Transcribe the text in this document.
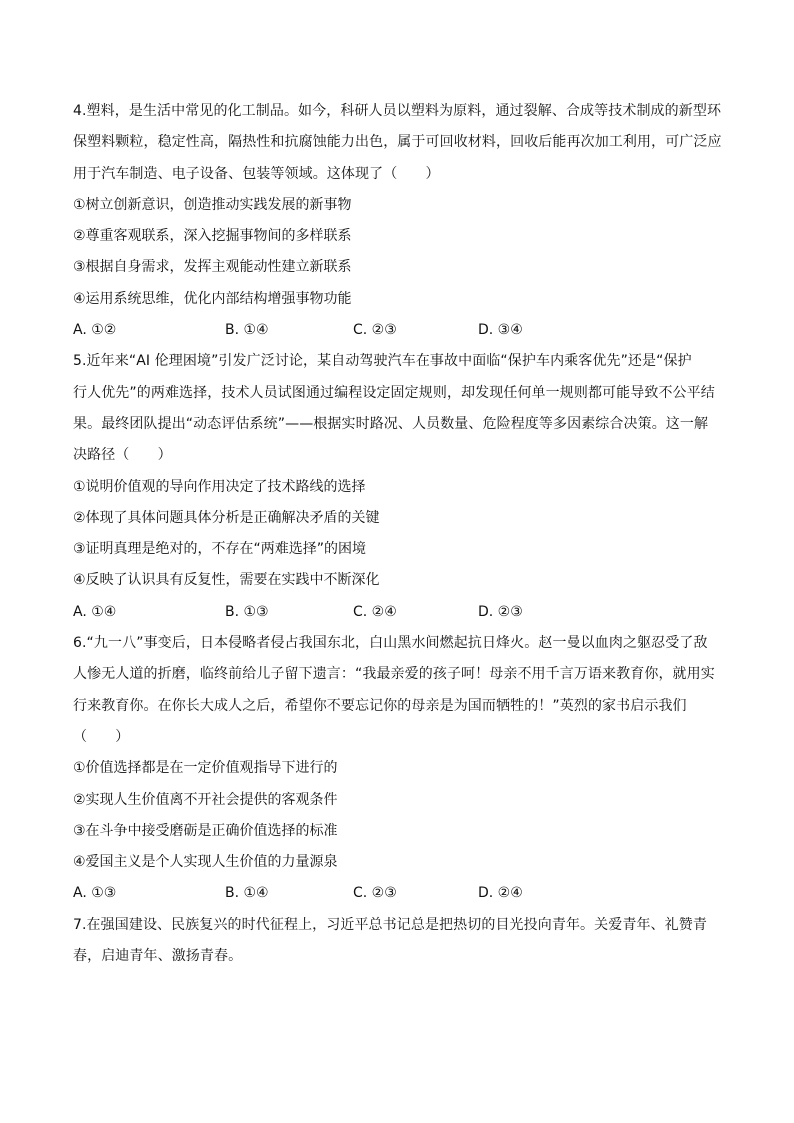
4.塑料，是生活中常见的化工制品。如今，科研人员以塑料为原料，通过裂解、合成等技术制成的新型环
保塑料颗粒，稳定性高，隔热性和抗腐蚀能力出色，属于可回收材料，回收后能再次加工利用，可广泛应
用于汽车制造、电子设备、包装等领域。这体现了（　　）
①树立创新意识，创造推动实践发展的新事物
②尊重客观联系，深入挖掘事物间的多样联系
③根据自身需求，发挥主观能动性建立新联系
④运用系统思维，优化内部结构增强事物功能
A. ①②	B. ①④	C. ②③	D. ③④
5.近年来“AI 伦理困境”引发广泛讨论，某自动驾驶汽车在事故中面临“保护车内乘客优先”还是“保护
行人优先”的两难选择，技术人员试图通过编程设定固定规则，却发现任何单一规则都可能导致不公平结
果。最终团队提出“动态评估系统”——根据实时路况、人员数量、危险程度等多因素综合决策。这一解
决路径（　　）
①说明价值观的导向作用决定了技术路线的选择
②体现了具体问题具体分析是正确解决矛盾的关键
③证明真理是绝对的，不存在“两难选择”的困境
④反映了认识具有反复性，需要在实践中不断深化
A. ①④	B. ①③	C. ②④	D. ②③
6.“九一八”事变后，日本侵略者侵占我国东北，白山黑水间燃起抗日烽火。赵一曼以血肉之躯忍受了敌
人惨无人道的折磨，临终前给儿子留下遗言：“我最亲爱的孩子呵！母亲不用千言万语来教育你，就用实
行来教育你。在你长大成人之后，希望你不要忘记你的母亲是为国而牺牲的！”英烈的家书启示我们
（　　）
①价值选择都是在一定价值观指导下进行的
②实现人生价值离不开社会提供的客观条件
③在斗争中接受磨砺是正确价值选择的标准
④爱国主义是个人实现人生价值的力量源泉
A. ①③	B. ①④	C. ②③	D. ②④
7.在强国建设、民族复兴的时代征程上，习近平总书记总是把热切的目光投向青年。关爱青年、礼赞青
春，启迪青年、激扬青春。
